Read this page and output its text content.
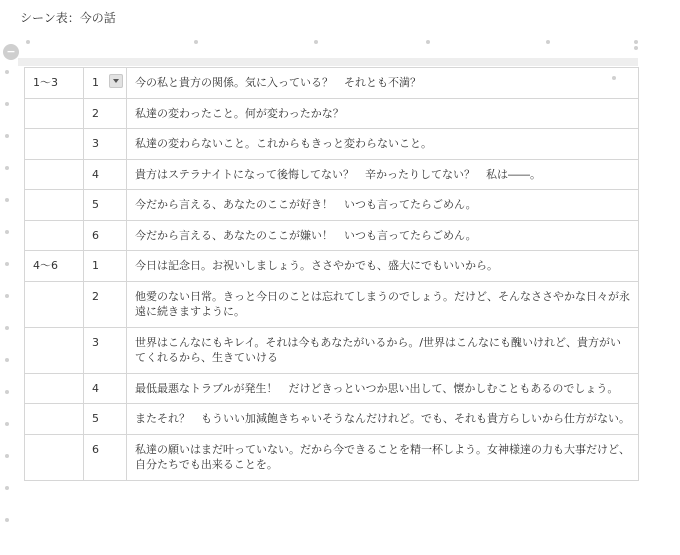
シーン表：今の話
−
1～3	1	今の私と貴方の関係。気に入っている？　それとも不満？
	2	私達の変わったこと。何が変わったかな？
	3	私達の変わらないこと。これからもきっと変わらないこと。
	4	貴方はステラナイトになって後悔してない？　辛かったりしてない？　私は――。
	5	今だから言える、あなたのここが好き！　いつも言ってたらごめん。
	6	今だから言える、あなたのここが嫌い！　いつも言ってたらごめん。
4～6	1	今日は記念日。お祝いしましょう。ささやかでも、盛大にでもいいから。
	2	他愛のない日常。きっと今日のことは忘れてしまうのでしょう。だけど、そんなささやかな日々が永遠に続きますように。
	3	世界はこんなにもキレイ。それは今もあなたがいるから。/世界はこんなにも醜いけれど、貴方がいてくれるから、生きていける
	4	最低最悪なトラブルが発生！　だけどきっといつか思い出して、懐かしむこともあるのでしょう。
	5	またそれ？　もういい加減飽きちゃいそうなんだけれど。でも、それも貴方らしいから仕方がない。
	6	私達の願いはまだ叶っていない。だから今できることを精一杯しよう。女神様達の力も大事だけど、自分たちでも出来ることを。
